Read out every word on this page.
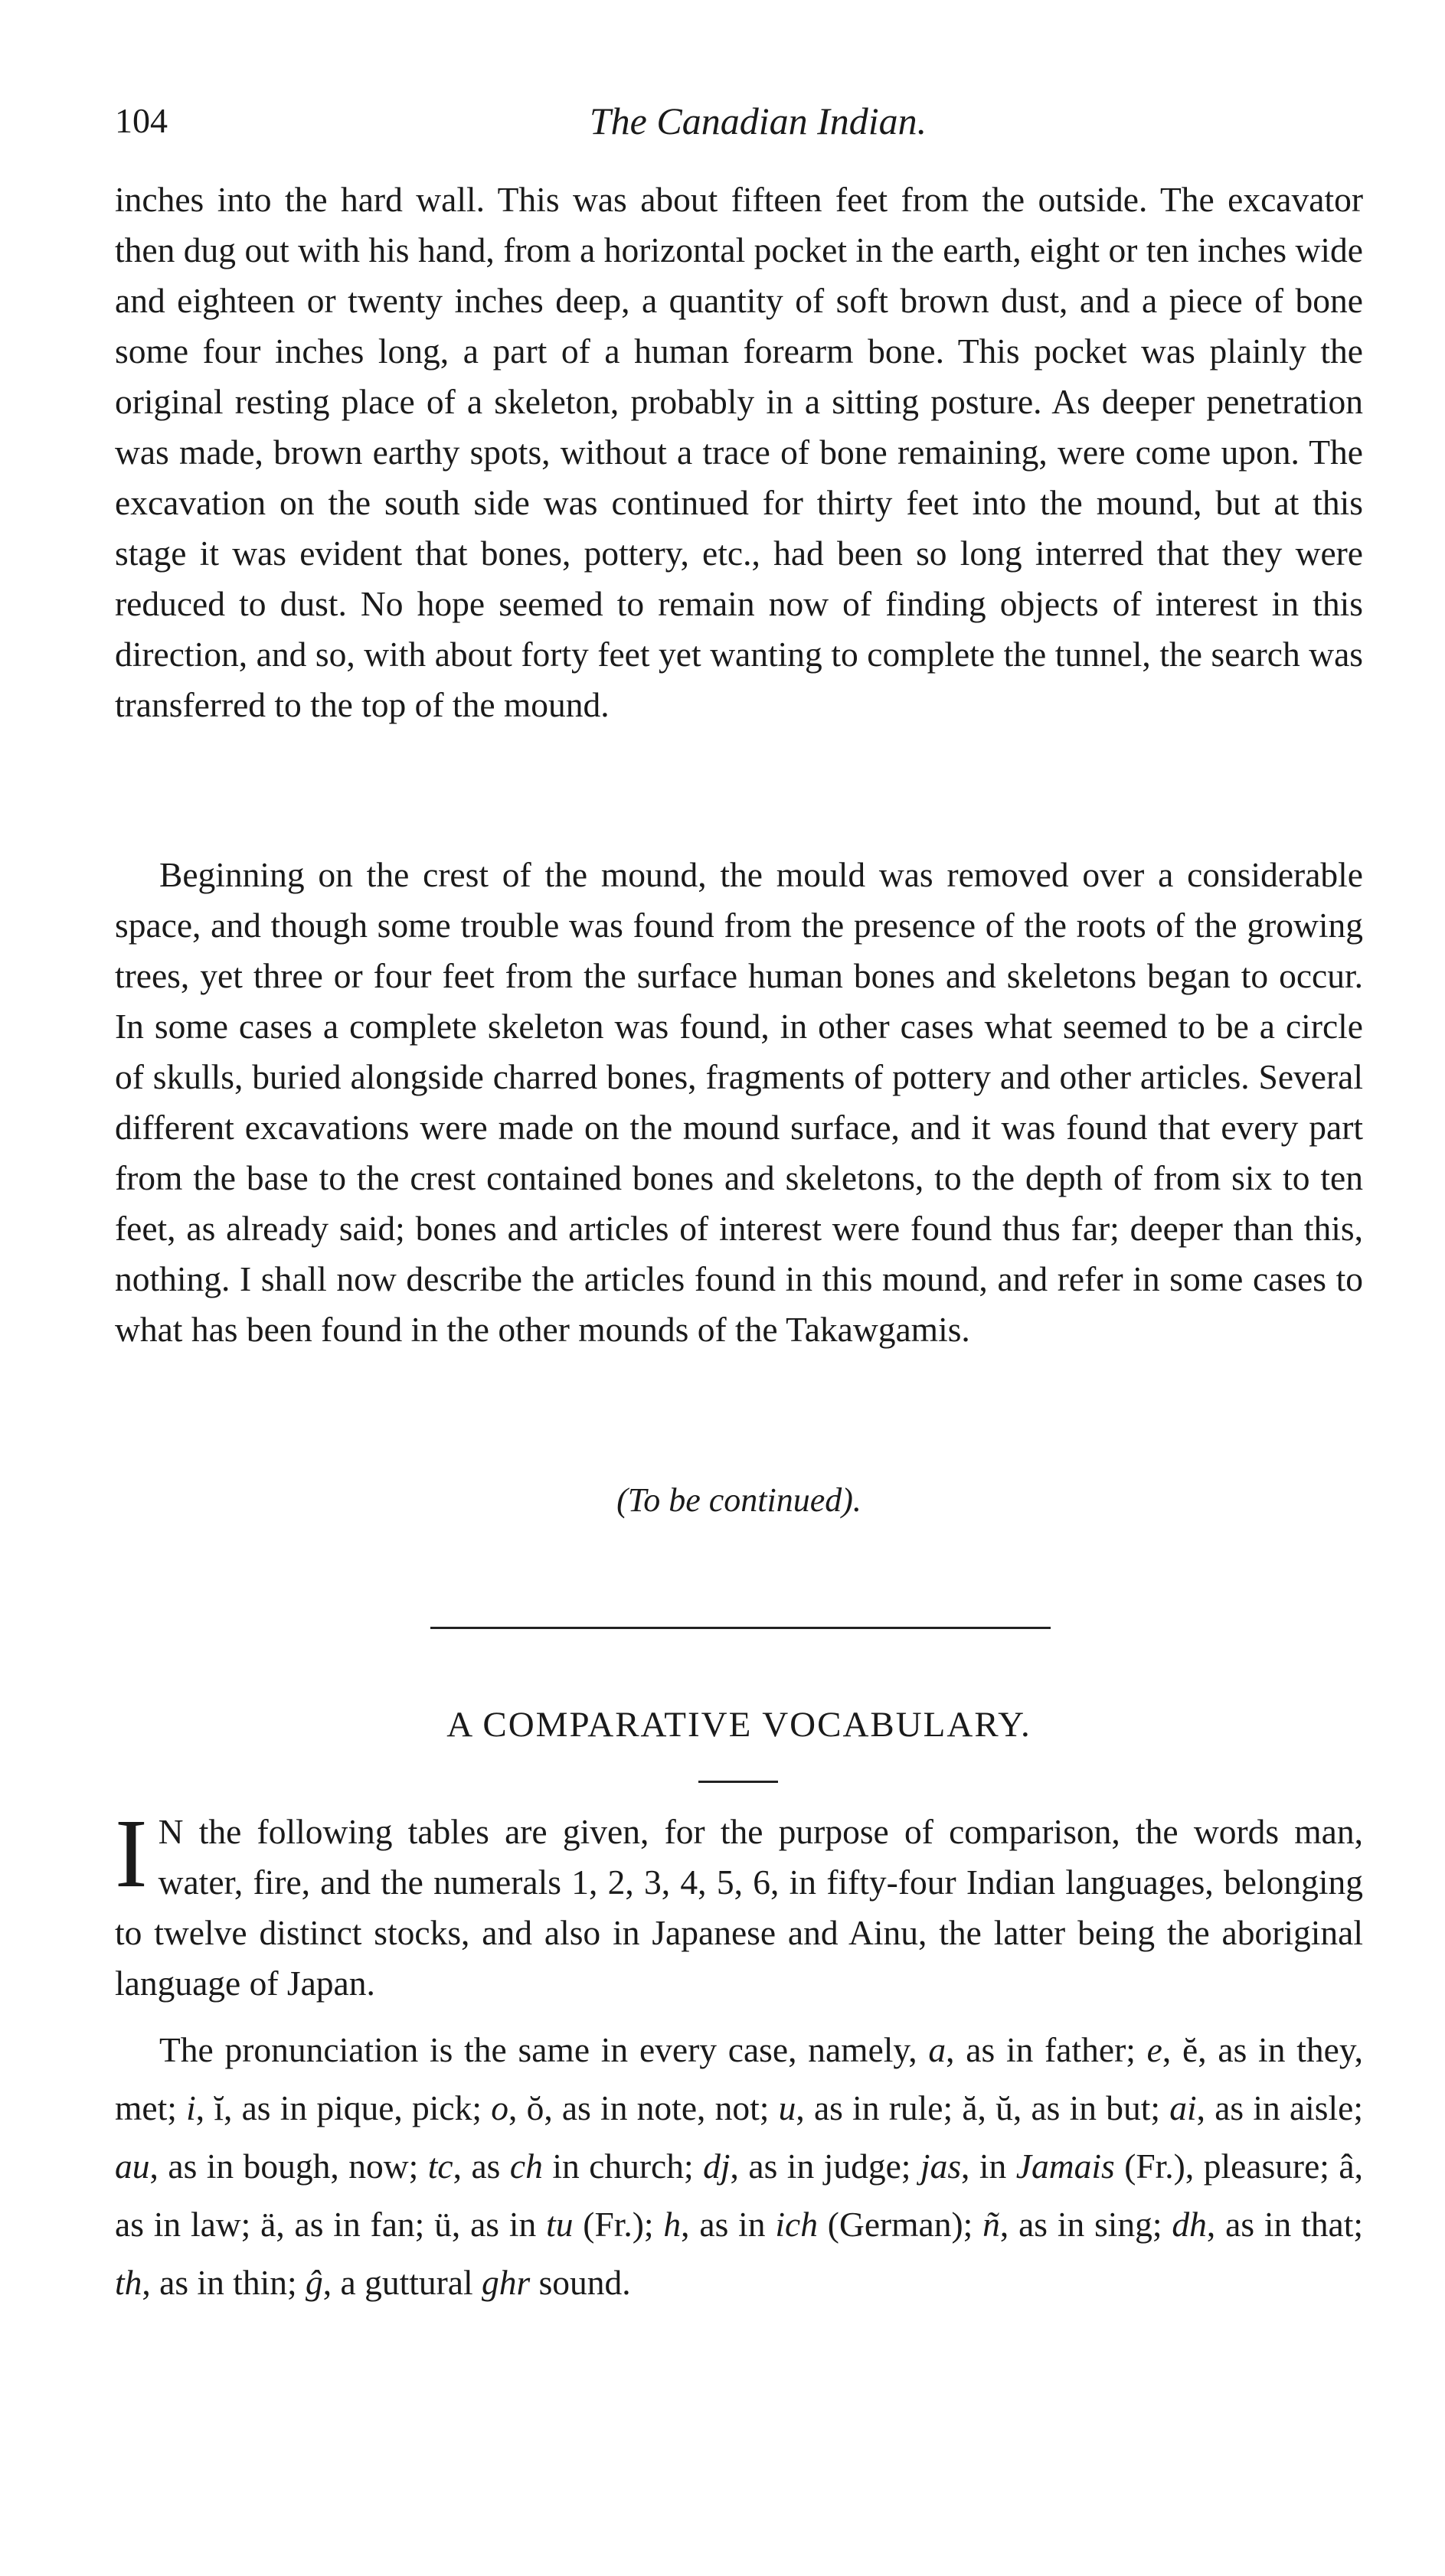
104	The Canadian Indian.

inches into the hard wall. This was about fifteen feet from the outside. The excavator then dug out with his hand, from a horizontal pocket in the earth, eight or ten inches wide and eighteen or twenty inches deep, a quantity of soft brown dust, and a piece of bone some four inches long, a part of a human forearm bone. This pocket was plainly the original resting place of a skeleton, probably in a sitting posture. As deeper penetration was made, brown earthy spots, without a trace of bone remaining, were come upon. The excavation on the south side was continued for thirty feet into the mound, but at this stage it was evident that bones, pottery, etc., had been so long interred that they were reduced to dust. No hope seemed to remain now of finding objects of interest in this direction, and so, with about forty feet yet wanting to complete the tunnel, the search was transferred to the top of the mound.

Beginning on the crest of the mound, the mould was removed over a considerable space, and though some trouble was found from the presence of the roots of the growing trees, yet three or four feet from the surface human bones and skeletons began to occur. In some cases a complete skeleton was found, in other cases what seemed to be a circle of skulls, buried alongside charred bones, fragments of pottery and other articles. Several different excavations were made on the mound surface, and it was found that every part from the base to the crest contained bones and skeletons, to the depth of from six to ten feet, as already said; bones and articles of interest were found thus far; deeper than this, nothing. I shall now describe the articles found in this mound, and refer in some cases to what has been found in the other mounds of the Takawgamis.

(To be continued).
A COMPARATIVE VOCABULARY.

I N the following tables are given, for the purpose of comparison, the words man, water, fire, and the numerals 1, 2, 3, 4, 5, 6, in fifty-four Indian languages, belonging to twelve distinct stocks, and also in Japanese and Ainu, the latter being the aboriginal language of Japan.

The pronunciation is the same in every case, namely, a, as in father; e, ĕ, as in they, met; i, ĭ, as in pique, pick; o, ŏ, as in note, not; u, as in rule; ă, ŭ, as in but; ai, as in aisle; au, as in bough, now; tc, as ch in church; dj, as in judge; jas, in Jamais (Fr.), pleasure; â, as in law; ä, as in fan; ü, as in tu (Fr.); h, as in ich (German); ñ, as in sing; dh, as in that; th, as in thin; ĝ, a guttural ghr sound.
